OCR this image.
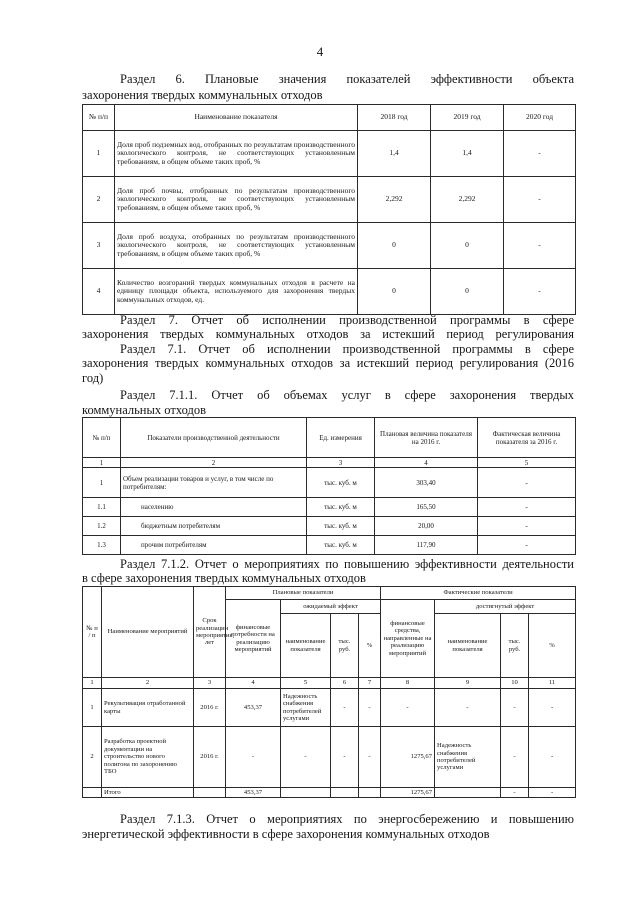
4
Раздел 6. Плановые значения показателей эффективности объекта
захоронения твердых коммунальных отходов
№ п/п	Наименование показателя	2018 год	2019 год	2020 год
1	Доля проб подземных вод, отобранных по результатам производственного экологического контроля, не соответствующих установленным требованиям, в общем объеме таких проб, %	1,4	1,4	-
2	Доля проб почвы, отобранных по результатам производственного экологического контроля, не соответствующих установленным требованиям, в общем объеме таких проб, %	2,292	2,292	-
3	Доля проб воздуха, отобранных по результатам производственного экологического контроля, не соответствующих установленным требованиям, в общем объеме таких проб, %	0	0	-
4	Количество возгораний твердых коммунальных отходов в расчете на единицу площади объекта, используемого для захоронения твердых коммунальных отходов, ед.	0	0	-
Раздел 7. Отчет об исполнении производственной программы в сфере
захоронения твердых коммунальных отходов за истекший период регулирования
Раздел 7.1. Отчет об исполнении производственной программы в сфере
захоронения твердых коммунальных отходов за истекший период регулирования (2016
год)
Раздел 7.1.1. Отчет об объемах услуг в сфере захоронения твердых
коммунальных отходов
№ п/п	Показатели производственной деятельности	Ед. измерения	Плановая величина показателя на 2016 г.	Фактическая величина показателя за 2016 г.
1	2	3	4	5
1	Объем реализации товаров и услуг, в том числе по потребителям:	тыс. куб. м	303,40	-
1.1	населению	тыс. куб. м	165,50	-
1.2	бюджетным потребителям	тыс. куб. м	20,00	-
1.3	прочим потребителям	тыс. куб. м	117,90	-
Раздел 7.1.2. Отчет о мероприятиях по повышению эффективности деятельности
в сфере захоронения твердых коммунальных отходов
№ п / п	Наименование мероприятий	Срок реализации мероприятия, лет	Плановые показатели				Фактические показатели			
			финансовые потребности на реализацию мероприятий	ожидаемый эффект			финансовые средства, направленные на реализацию мероприятий	достигнутый эффект		
				наименование показателя	тыс. руб.	%		наименование показателя	тыс. руб.	%
1	2	3	4	5	6	7	8	9	10	11
1	Рекультивация отработанной карты	2016 г.	453,37	Надежность снабжения потребителей услугами	-	-	-	-	-	-
2	Разработка проектной документации на строительство нового полигона по захоронению ТБО	2016 г.	-	-	-	-	1275,67	Надежность снабжения потребителей услугами	-	-
	Итого		453,37				1275,67		-	-
Раздел 7.1.3. Отчет о мероприятиях по энергосбережению и повышению
энергетической эффективности в сфере захоронения коммунальных отходов
